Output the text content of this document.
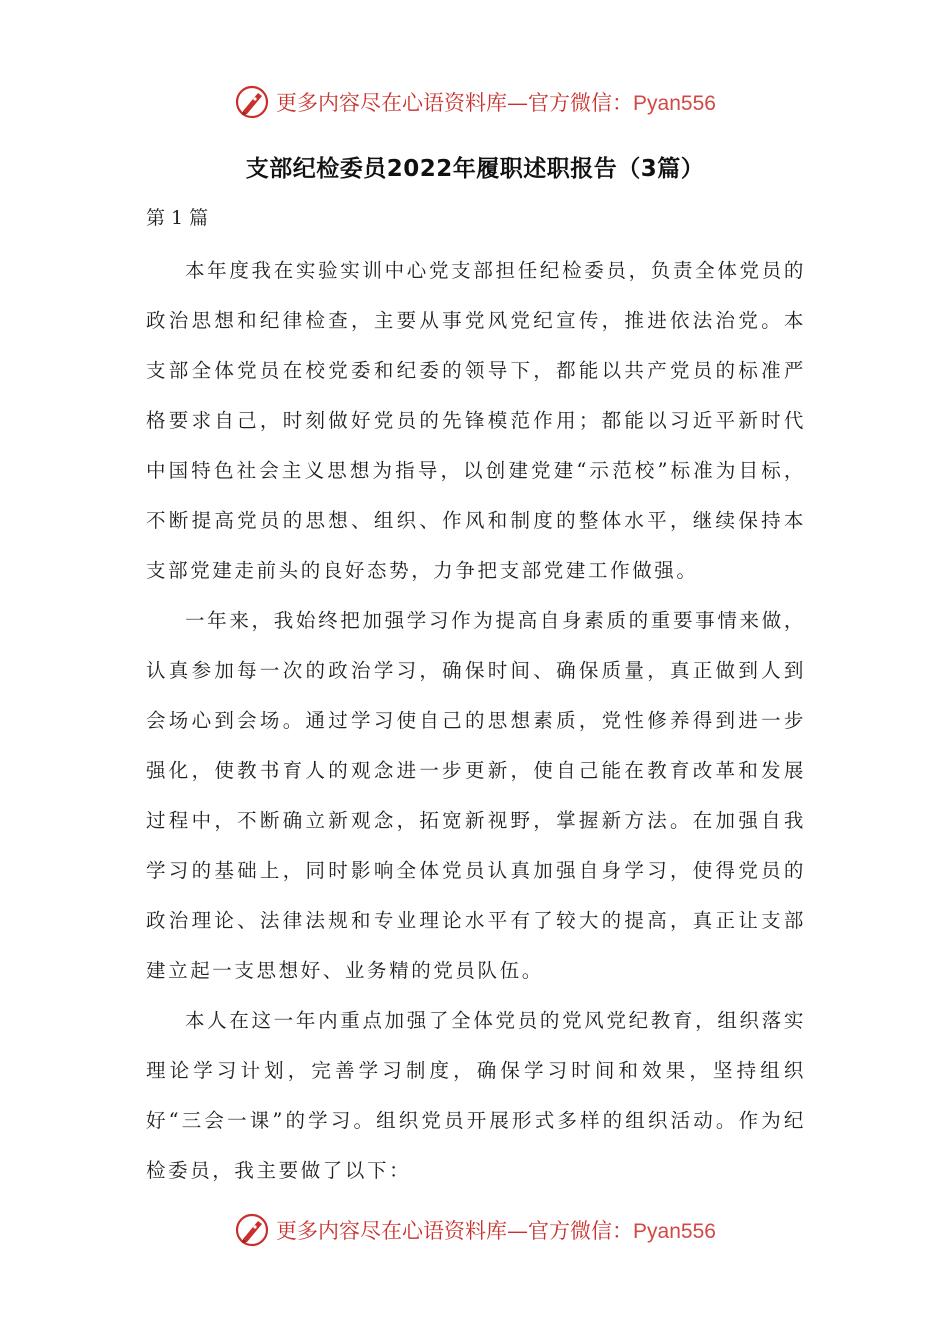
更多内容尽在心语资料库—官方微信：Pyan556
支部纪检委员2022年履职述职报告（3篇）
第 1 篇

本年度我在实验实训中心党支部担任纪检委员，负责全体党员的政治思想和纪律检查，主要从事党风党纪宣传，推进依法治党。本支部全体党员在校党委和纪委的领导下，都能以共产党员的标准严格要求自己，时刻做好党员的先锋模范作用；都能以习近平新时代中国特色社会主义思想为指导，以创建党建“示范校”标准为目标，不断提高党员的思想、组织、作风和制度的整体水平，继续保持本支部党建走前头的良好态势，力争把支部党建工作做强。

一年来，我始终把加强学习作为提高自身素质的重要事情来做，认真参加每一次的政治学习，确保时间、确保质量，真正做到人到会场心到会场。通过学习使自己的思想素质，党性修养得到进一步强化，使教书育人的观念进一步更新，使自己能在教育改革和发展过程中，不断确立新观念，拓宽新视野，掌握新方法。在加强自我学习的基础上，同时影响全体党员认真加强自身学习，使得党员的政治理论、法律法规和专业理论水平有了较大的提高，真正让支部建立起一支思想好、业务精的党员队伍。

本人在这一年内重点加强了全体党员的党风党纪教育，组织落实理论学习计划，完善学习制度，确保学习时间和效果，坚持组织好“三会一课”的学习。组织党员开展形式多样的组织活动。作为纪检委员，我主要做了以下：

更多内容尽在心语资料库—官方微信：Pyan556
